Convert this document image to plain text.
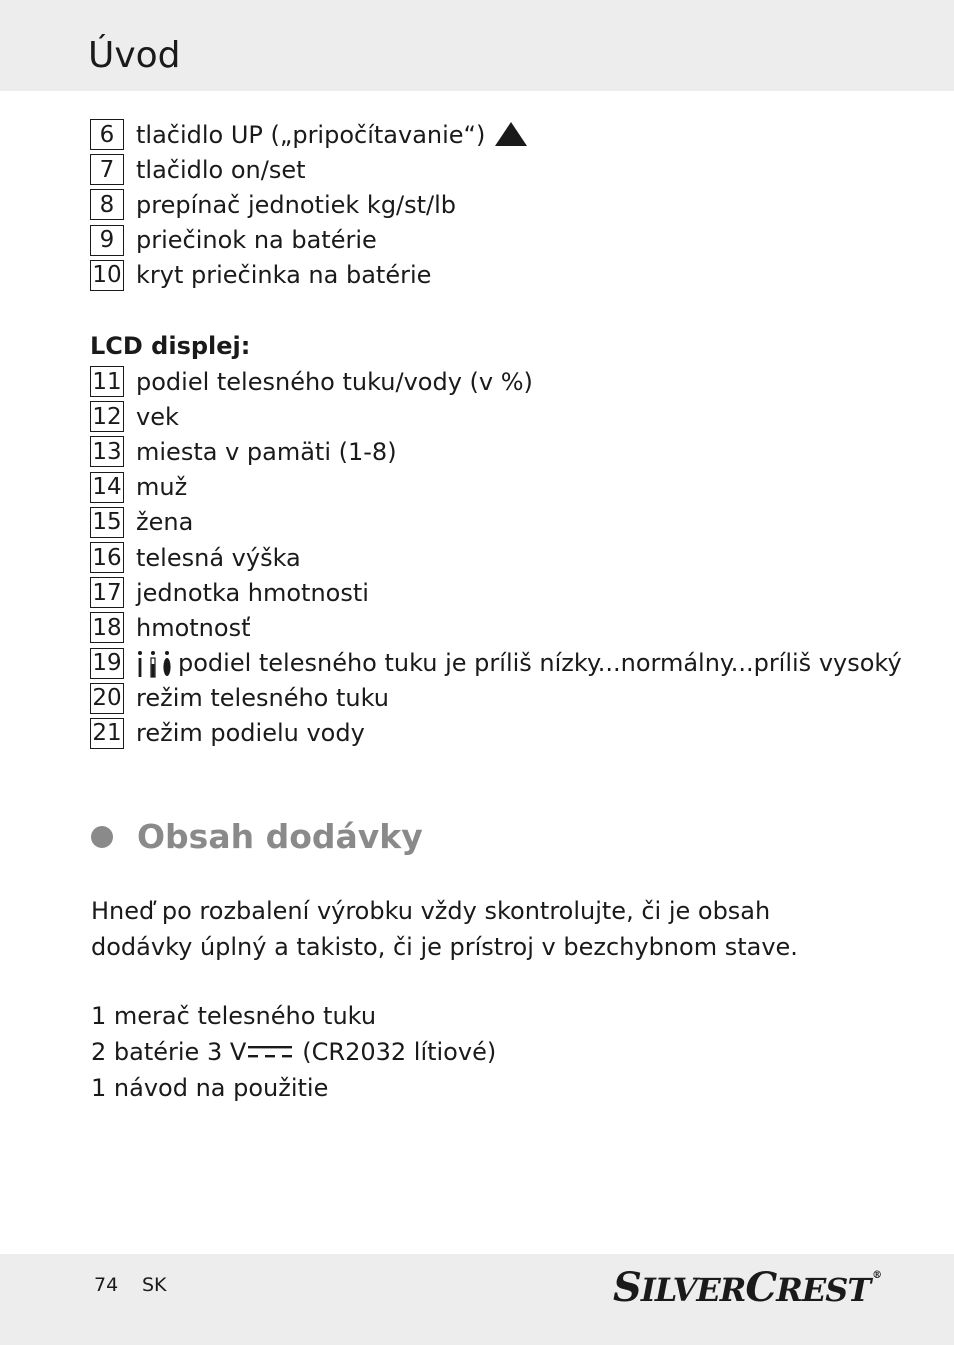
Úvod
6 tlačidlo UP („pripočítavanie“)
7 tlačidlo on/set
8 prepínač jednotiek kg/st/lb
9 priečinok na batérie
10 kryt priečinka na batérie
LCD displej:
11 podiel telesného tuku/vody (v %)
12 vek
13 miesta v pamäti (1-8)
14 muž
15 žena
16 telesná výška
17 jednotka hmotnosti
18 hmotnosť
19 podiel telesného tuku je príliš nízky...normálny...príliš vysoký
20 režim telesného tuku
21 režim podielu vody
Obsah dodávky
Hneď po rozbalení výrobku vždy skontrolujte, či je obsah dodávky úplný a takisto, či je prístroj v bezchybnom stave.
1 merač telesného tuku
2 batérie 3 V (CR2032 lítiové)
1 návod na použitie
74 SK	SILVERCREST ®
